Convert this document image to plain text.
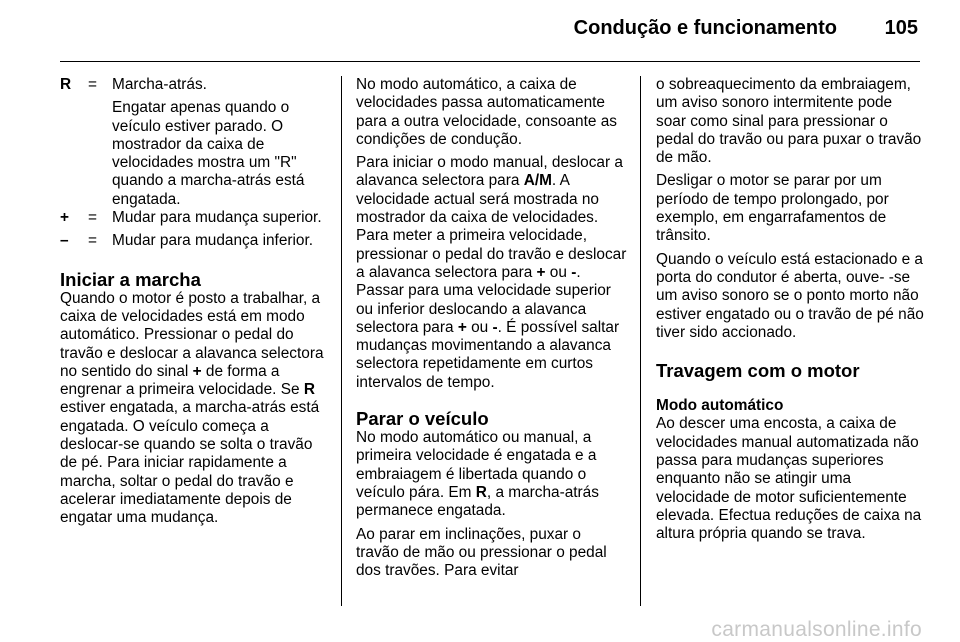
Condução e funcionamento 105
R	= Marcha-atrás.

Engatar apenas quando o veículo estiver parado. O mostrador da caixa de velocidades mostra um "R" quando a marcha-atrás está engatada.

+	= Mudar para mudança superior.
–	= Mudar para mudança inferior.

Iniciar a marcha

Quando o motor é posto a trabalhar, a caixa de velocidades está em modo automático. Pressionar o pedal do travão e deslocar a alavanca selectora no sentido do sinal + de forma a engrenar a primeira velocidade. Se R estiver engatada, a marcha-atrás está engatada. O veículo começa a deslocar-se quando se solta o travão de pé. Para iniciar rapidamente a marcha, soltar o pedal do travão e acelerar imediatamente depois de engatar uma mudança.

No modo automático, a caixa de velocidades passa automaticamente para a outra velocidade, consoante as condições de condução.

Para iniciar o modo manual, deslocar a alavanca selectora para A/M. A velocidade actual será mostrada no mostrador da caixa de velocidades. Para meter a primeira velocidade, pressionar o pedal do travão e deslocar a alavanca selectora para + ou -. Passar para uma velocidade superior ou inferior deslocando a alavanca selectora para + ou -. É possível saltar mudanças movimentando a alavanca selectora repetidamente em curtos intervalos de tempo.

Parar o veículo

No modo automático ou manual, a primeira velocidade é engatada e a embraiagem é libertada quando o veículo pára. Em R, a marcha-atrás permanece engatada.

Ao parar em inclinações, puxar o travão de mão ou pressionar o pedal dos travões. Para evitar

o sobreaquecimento da embraiagem, um aviso sonoro intermitente pode soar como sinal para pressionar o pedal do travão ou para puxar o travão de mão.

Desligar o motor se parar por um período de tempo prolongado, por exemplo, em engarrafamentos de trânsito.

Quando o veículo está estacionado e a porta do condutor é aberta, ouve- -se um aviso sonoro se o ponto morto não estiver engatado ou o travão de pé não tiver sido accionado.

Travagem com o motor

Modo automático

Ao descer uma encosta, a caixa de velocidades manual automatizada não passa para mudanças superiores enquanto não se atingir uma velocidade de motor suficientemente elevada. Efectua reduções de caixa na altura própria quando se trava.

carmanualsonline.info
